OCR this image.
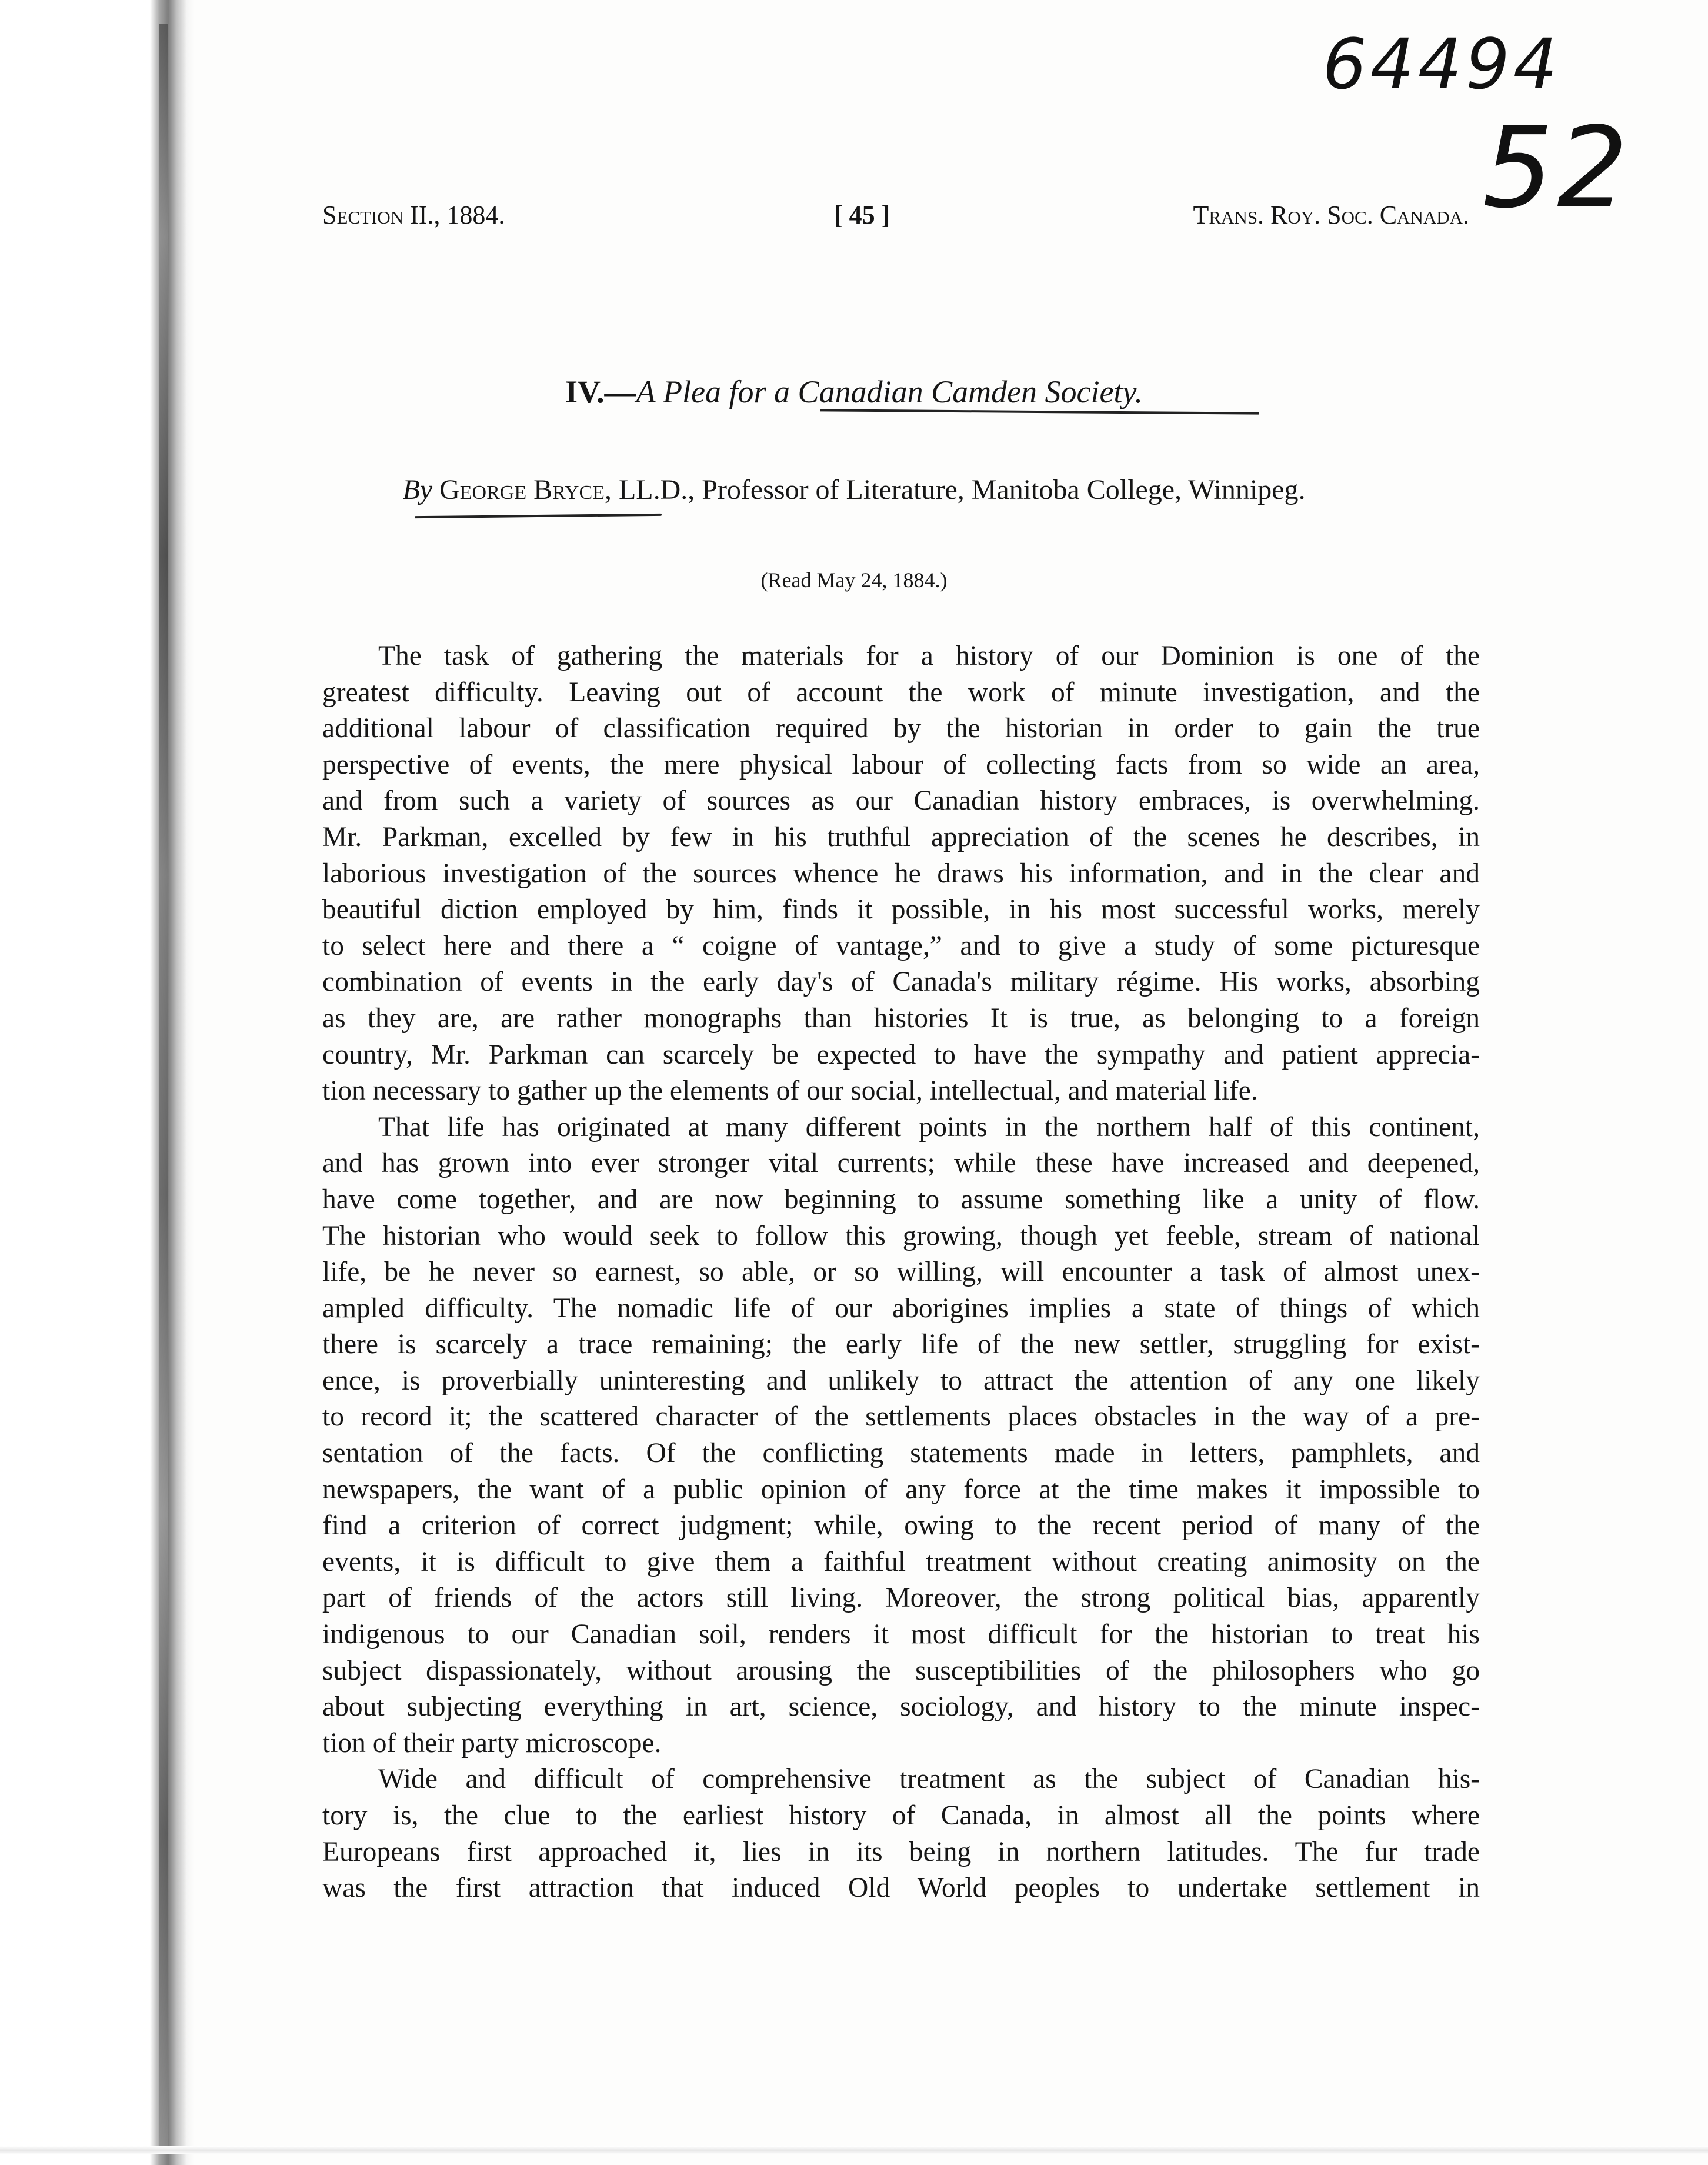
64494
52
Section II., 1884.	[ 45 ]	Trans. Roy. Soc. Canada.
IV.—A Plea for a Canadian Camden Society.
By George Bryce, LL.D., Professor of Literature, Manitoba College, Winnipeg.
(Read May 24, 1884.)
The task of gathering the materials for a history of our Dominion is one of the
greatest difficulty. Leaving out of account the work of minute investigation, and the
additional labour of classification required by the historian in order to gain the true
perspective of events, the mere physical labour of collecting facts from so wide an area,
and from such a variety of sources as our Canadian history embraces, is overwhelming.
Mr. Parkman, excelled by few in his truthful appreciation of the scenes he describes, in
laborious investigation of the sources whence he draws his information, and in the clear and
beautiful diction employed by him, finds it possible, in his most successful works, merely
to select here and there a “ coigne of vantage,” and to give a study of some picturesque
combination of events in the early day's of Canada's military régime. His works, absorbing
as they are, are rather monographs than histories It is true, as belonging to a foreign
country, Mr. Parkman can scarcely be expected to have the sympathy and patient apprecia-
tion necessary to gather up the elements of our social, intellectual, and material life.
That life has originated at many different points in the northern half of this continent,
and has grown into ever stronger vital currents; while these have increased and deepened,
have come together, and are now beginning to assume something like a unity of flow.
The historian who would seek to follow this growing, though yet feeble, stream of national
life, be he never so earnest, so able, or so willing, will encounter a task of almost unex-
ampled difficulty. The nomadic life of our aborigines implies a state of things of which
there is scarcely a trace remaining; the early life of the new settler, struggling for exist-
ence, is proverbially uninteresting and unlikely to attract the attention of any one likely
to record it; the scattered character of the settlements places obstacles in the way of a pre-
sentation of the facts. Of the conflicting statements made in letters, pamphlets, and
newspapers, the want of a public opinion of any force at the time makes it impossible to
find a criterion of correct judgment; while, owing to the recent period of many of the
events, it is difficult to give them a faithful treatment without creating animosity on the
part of friends of the actors still living. Moreover, the strong political bias, apparently
indigenous to our Canadian soil, renders it most difficult for the historian to treat his
subject dispassionately, without arousing the susceptibilities of the philosophers who go
about subjecting everything in art, science, sociology, and history to the minute inspec-
tion of their party microscope.
Wide and difficult of comprehensive treatment as the subject of Canadian his-
tory is, the clue to the earliest history of Canada, in almost all the points where
Europeans first approached it, lies in its being in northern latitudes. The fur trade
was the first attraction that induced Old World peoples to undertake settlement in
